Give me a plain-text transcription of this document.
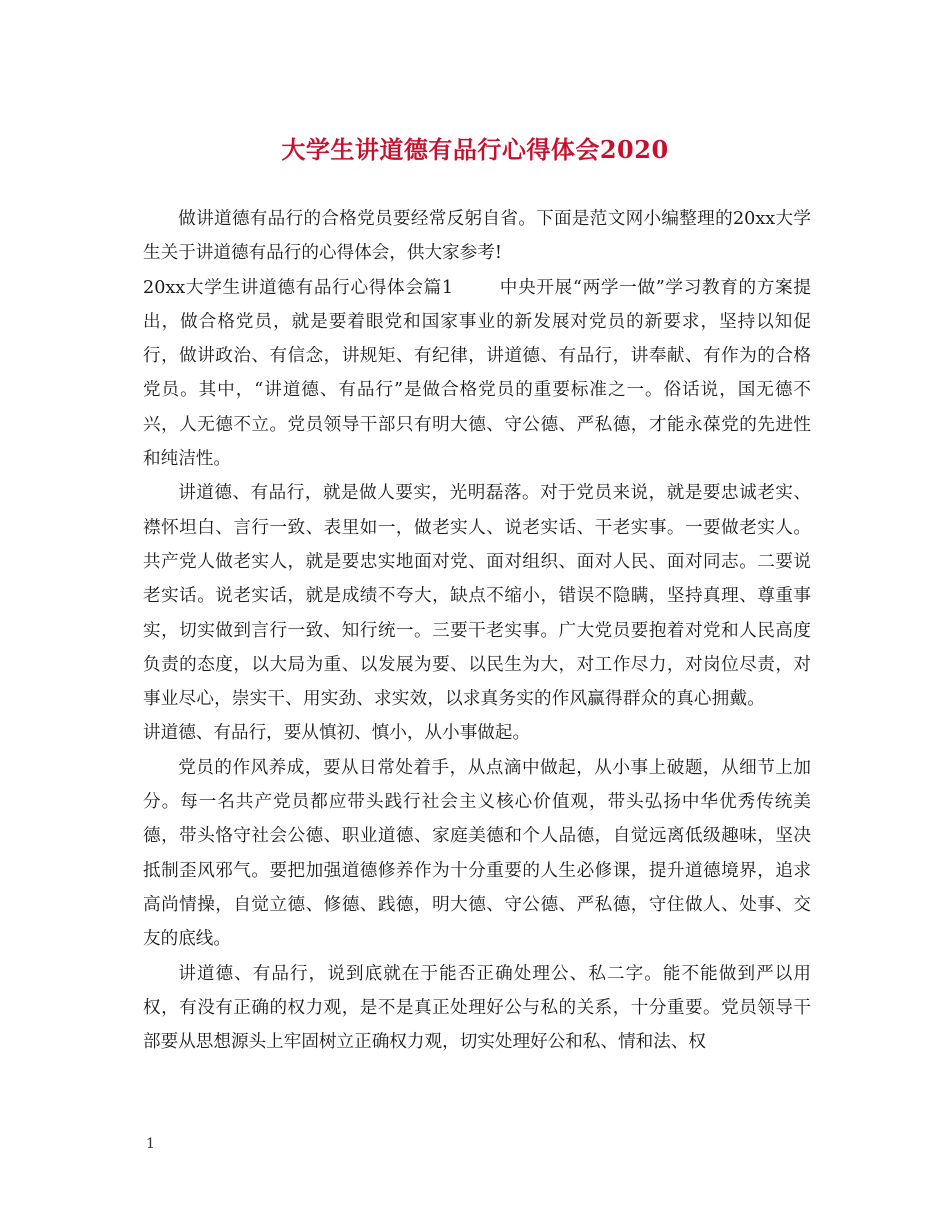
大学生讲道德有品行心得体会2020

做讲道德有品行的合格党员要经常反躬自省。下面是范文网小编整理的20xx大学生关于讲道德有品行的心得体会，供大家参考!

20xx大学生讲道德有品行心得体会篇1	中央开展“两学一做”学习教育的方案提出，做合格党员，就是要着眼党和国家事业的新发展对党员的新要求，坚持以知促行，做讲政治、有信念，讲规矩、有纪律，讲道德、有品行，讲奉献、有作为的合格党员。其中，“讲道德、有品行”是做合格党员的重要标准之一。俗话说，国无德不兴，人无德不立。党员领导干部只有明大德、守公德、严私德，才能永葆党的先进性和纯洁性。

讲道德、有品行，就是做人要实，光明磊落。对于党员来说，就是要忠诚老实、襟怀坦白、言行一致、表里如一，做老实人、说老实话、干老实事。一要做老实人。共产党人做老实人，就是要忠实地面对党、面对组织、面对人民、面对同志。二要说老实话。说老实话，就是成绩不夸大，缺点不缩小，错误不隐瞒，坚持真理、尊重事实，切实做到言行一致、知行统一。三要干老实事。广大党员要抱着对党和人民高度负责的态度，以大局为重、以发展为要、以民生为大，对工作尽力，对岗位尽责，对事业尽心，崇实干、用实劲、求实效，以求真务实的作风赢得群众的真心拥戴。讲道德、有品行，要从慎初、慎小，从小事做起。

党员的作风养成，要从日常处着手，从点滴中做起，从小事上破题，从细节上加分。每一名共产党员都应带头践行社会主义核心价值观，带头弘扬中华优秀传统美德，带头恪守社会公德、职业道德、家庭美德和个人品德，自觉远离低级趣味，坚决抵制歪风邪气。要把加强道德修养作为十分重要的人生必修课，提升道德境界，追求高尚情操，自觉立德、修德、践德，明大德、守公德、严私德，守住做人、处事、交友的底线。

讲道德、有品行，说到底就在于能否正确处理公、私二字。能不能做到严以用权，有没有正确的权力观，是不是真正处理好公与私的关系，十分重要。党员领导干部要从思想源头上牢固树立正确权力观，切实处理好公和私、情和法、权

1
